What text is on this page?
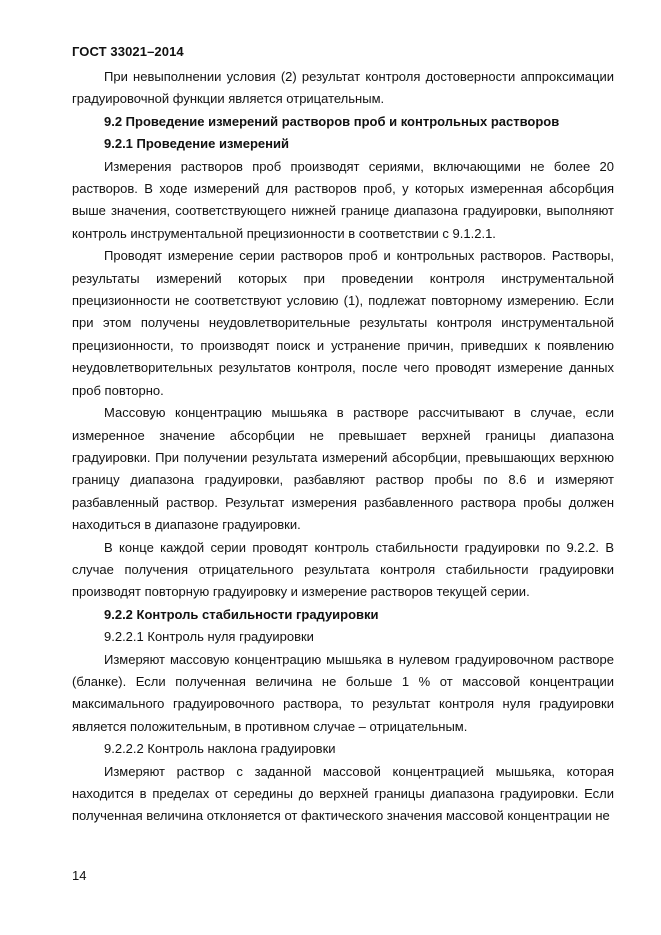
ГОСТ 33021–2014

При невыполнении условия (2) результат контроля достоверности аппроксимации градуировочной функции является отрицательным.

9.2 Проведение измерений растворов проб и контрольных растворов
9.2.1 Проведение измерений

Измерения растворов проб производят сериями, включающими не более 20 растворов. В ходе измерений для растворов проб, у которых измеренная абсорбция выше значения, соответствующего нижней границе диапазона градуировки, выполняют контроль инструментальной прецизионности в соответствии с 9.1.2.1.

Проводят измерение серии растворов проб и контрольных растворов. Растворы, результаты измерений которых при проведении контроля инструментальной прецизионности не соответствуют условию (1), подлежат повторному измерению. Если при этом получены неудовлетворительные результаты контроля инструментальной прецизионности, то производят поиск и устранение причин, приведших к появлению неудовлетворительных результатов контроля, после чего проводят измерение данных проб повторно.

Массовую концентрацию мышьяка в растворе рассчитывают в случае, если измеренное значение абсорбции не превышает верхней границы диапазона градуировки. При получении результата измерений абсорбции, превышающих верхнюю границу диапазона градуировки, разбавляют раствор пробы по 8.6 и измеряют разбавленный раствор. Результат измерения разбавленного раствора пробы должен находиться в диапазоне градуировки.

В конце каждой серии проводят контроль стабильности градуировки по 9.2.2. В случае получения отрицательного результата контроля стабильности градуировки производят повторную градуировку и измерение растворов текущей серии.

9.2.2 Контроль стабильности градуировки
9.2.2.1 Контроль нуля градуировки

Измеряют массовую концентрацию мышьяка в нулевом градуировочном растворе (бланке). Если полученная величина не больше 1 % от массовой концентрации максимального градуировочного раствора, то результат контроля нуля градуировки является положительным, в противном случае – отрицательным.

9.2.2.2 Контроль наклона градуировки

Измеряют раствор с заданной массовой концентрацией мышьяка, которая находится в пределах от середины до верхней границы диапазона градуировки. Если полученная величина отклоняется от фактического значения массовой концентрации не

14
